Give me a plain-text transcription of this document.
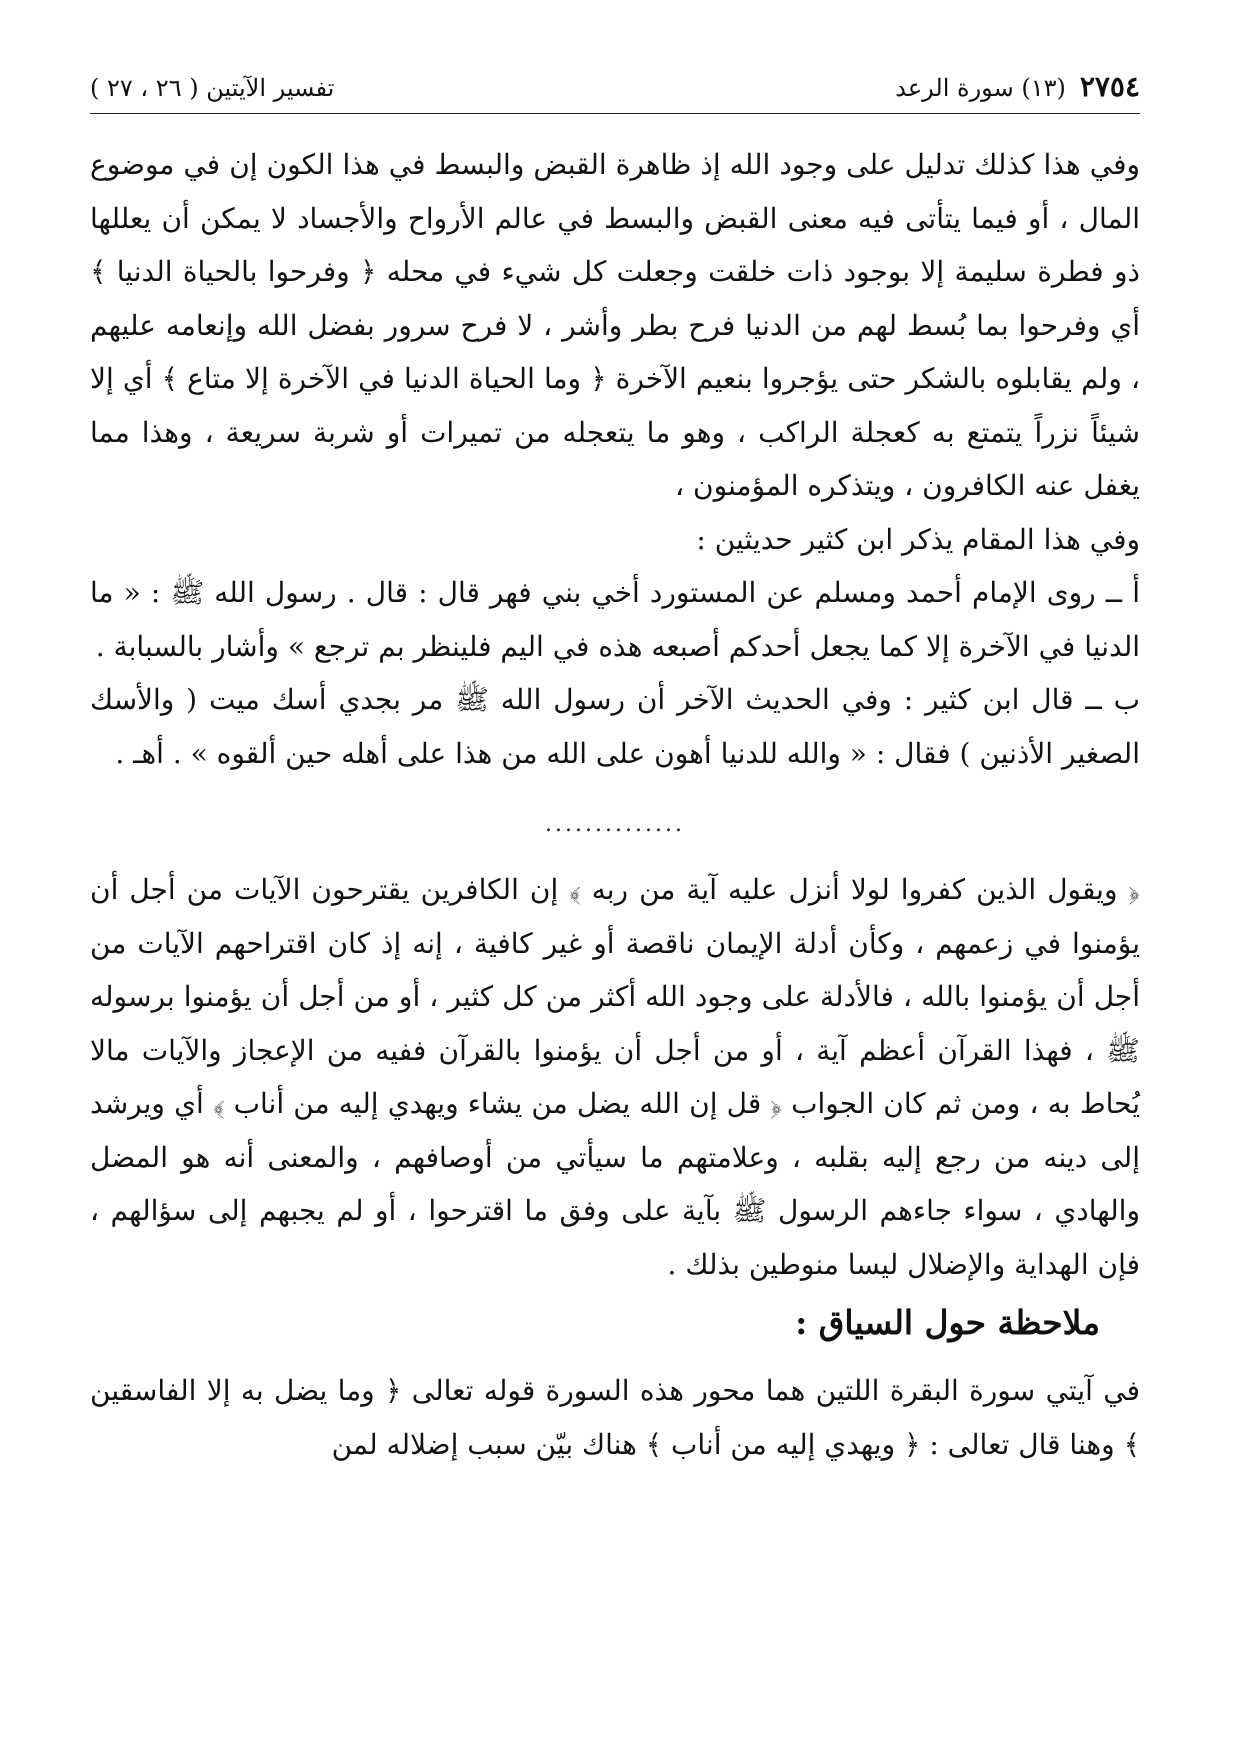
٢٧٥٤
(١٣) سورة الرعد
تفسير الآيتين ( ٢٦ ، ٢٧ )

وفي هذا كذلك تدليل على وجود الله إذ ظاهرة القبض والبسط في هذا الكون إن في موضوع المال ، أو فيما يتأتى فيه معنى القبض والبسط في عالم الأرواح والأجساد لا يمكن أن يعللها ذو فطرة سليمة إلا بوجود ذات خلقت وجعلت كل شيء في محله ﴿ وفرحوا بالحياة الدنيا ﴾ أي وفرحوا بما بُسط لهم من الدنيا فرح بطر وأشر ، لا فرح سرور بفضل الله وإنعامه عليهم ، ولم يقابلوه بالشكر حتى يؤجروا بنعيم الآخرة ﴿ وما الحياة الدنيا في الآخرة إلا متاع ﴾ أي إلا شيئاً نزراً يتمتع به كعجلة الراكب ، وهو ما يتعجله من تميرات أو شربة سريعة ، وهذا مما يغفل عنه الكافرون ، ويتذكره المؤمنون ،

وفي هذا المقام يذكر ابن كثير حديثين :

أ ــ روى الإمام أحمد ومسلم عن المستورد أخي بني فهر قال : قال . رسول الله ﷺ : « ما الدنيا في الآخرة إلا كما يجعل أحدكم أصبعه هذه في اليم فلينظر بم ترجع » وأشار بالسبابة .

ب ــ قال ابن كثير : وفي الحديث الآخر أن رسول الله ﷺ مر بجدي أسك ميت ( والأسك الصغير الأذنين ) فقال : « والله للدنيا أهون على الله من هذا على أهله حين ألقوه » . أهـ .

..............

﴿ ويقول الذين كفروا لولا أنزل عليه آية من ربه ﴾ إن الكافرين يقترحون الآيات من أجل أن يؤمنوا في زعمهم ، وكأن أدلة الإيمان ناقصة أو غير كافية ، إنه إذ كان اقتراحهم الآيات من أجل أن يؤمنوا بالله ، فالأدلة على وجود الله أكثر من كل كثير ، أو من أجل أن يؤمنوا برسوله ﷺ ، فهذا القرآن أعظم آية ، أو من أجل أن يؤمنوا بالقرآن ففيه من الإعجاز والآيات مالا يُحاط به ، ومن ثم كان الجواب ﴿ قل إن الله يضل من يشاء ويهدي إليه من أناب ﴾ أي ويرشد إلى دينه من رجع إليه بقلبه ، وعلامتهم ما سيأتي من أوصافهم ، والمعنى أنه هو المضل والهادي ، سواء جاءهم الرسول ﷺ بآية على وفق ما اقترحوا ، أو لم يجبهم إلى سؤالهم ، فإن الهداية والإضلال ليسا منوطين بذلك .

ملاحظة حول السياق :

في آيتي سورة البقرة اللتين هما محور هذه السورة قوله تعالى ﴿ وما يضل به إلا الفاسقين ﴾ وهنا قال تعالى : ﴿ ويهدي إليه من أناب ﴾ هناك بيّن سبب إضلاله لمن
